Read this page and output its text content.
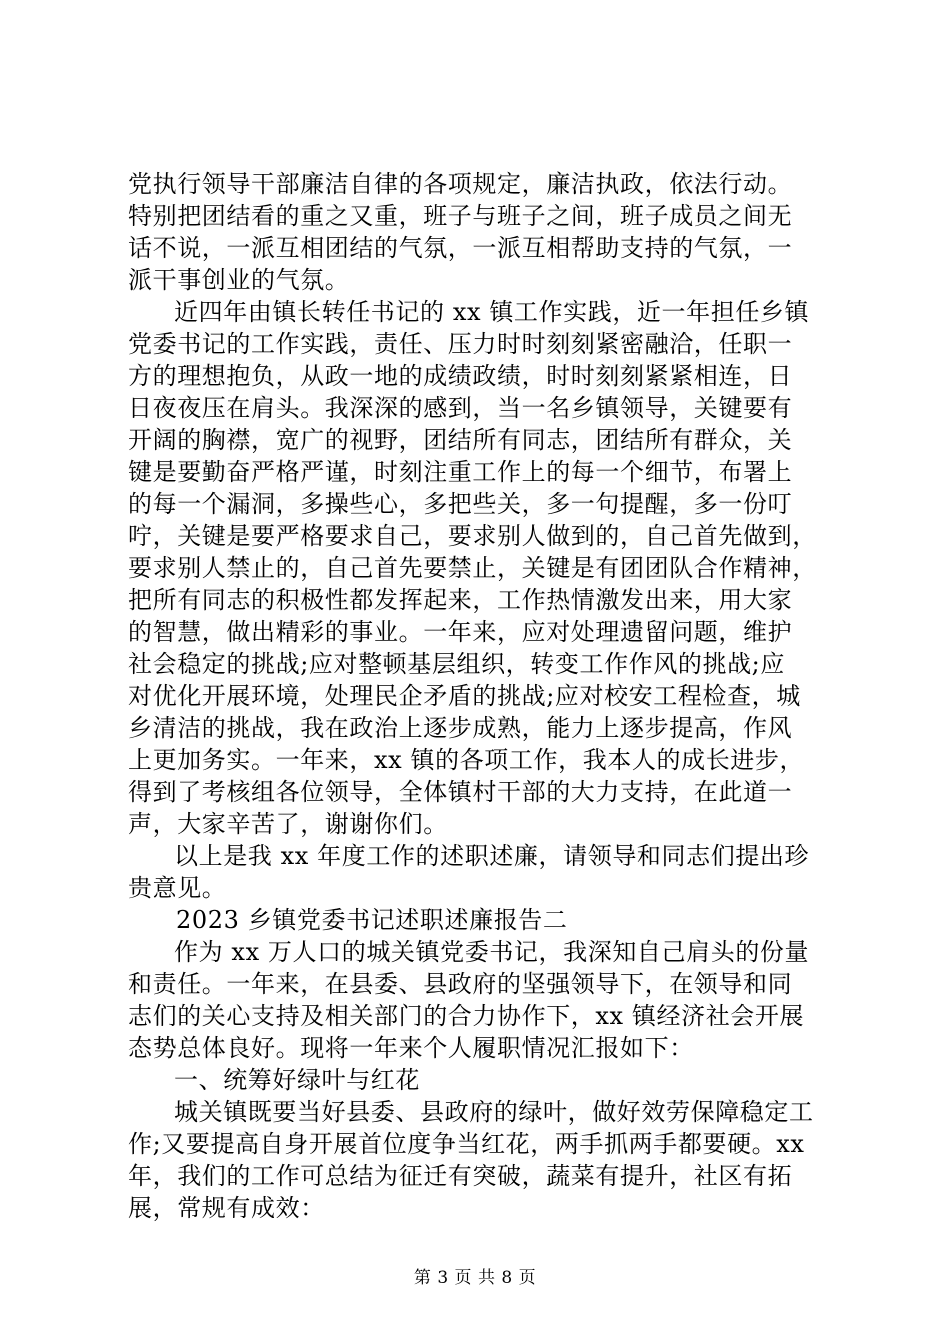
党执行领导干部廉洁自律的各项规定，廉洁执政，依法行动。
特别把团结看的重之又重，班子与班子之间，班子成员之间无
话不说，一派互相团结的气氛，一派互相帮助支持的气氛，一
派干事创业的气氛。
近四年由镇长转任书记的 xx 镇工作实践，近一年担任乡镇
党委书记的工作实践，责任、压力时时刻刻紧密融洽，任职一
方的理想抱负，从政一地的成绩政绩，时时刻刻紧紧相连，日
日夜夜压在肩头。我深深的感到，当一名乡镇领导，关键要有
开阔的胸襟，宽广的视野，团结所有同志，团结所有群众，关
键是要勤奋严格严谨，时刻注重工作上的每一个细节，布署上
的每一个漏洞，多操些心，多把些关，多一句提醒，多一份叮
咛，关键是要严格要求自己，要求别人做到的，自己首先做到，
要求别人禁止的，自己首先要禁止，关键是有团团队合作精神，
把所有同志的积极性都发挥起来，工作热情激发出来，用大家
的智慧，做出精彩的事业。一年来，应对处理遗留问题，维护
社会稳定的挑战;应对整顿基层组织，转变工作作风的挑战;应
对优化开展环境，处理民企矛盾的挑战;应对校安工程检查，城
乡清洁的挑战，我在政治上逐步成熟，能力上逐步提高，作风
上更加务实。一年来，xx 镇的各项工作，我本人的成长进步，
得到了考核组各位领导，全体镇村干部的大力支持，在此道一
声，大家辛苦了，谢谢你们。
以上是我 xx 年度工作的述职述廉，请领导和同志们提出珍
贵意见。
2023 乡镇党委书记述职述廉报告二
作为 xx 万人口的城关镇党委书记，我深知自己肩头的份量
和责任。一年来，在县委、县政府的坚强领导下，在领导和同
志们的关心支持及相关部门的合力协作下，xx 镇经济社会开展
态势总体良好。现将一年来个人履职情况汇报如下：
一、统筹好绿叶与红花
城关镇既要当好县委、县政府的绿叶，做好效劳保障稳定工
作;又要提高自身开展首位度争当红花，两手抓两手都要硬。xx
年，我们的工作可总结为征迁有突破，蔬菜有提升，社区有拓
展，常规有成效：
第 3 页 共 8 页
